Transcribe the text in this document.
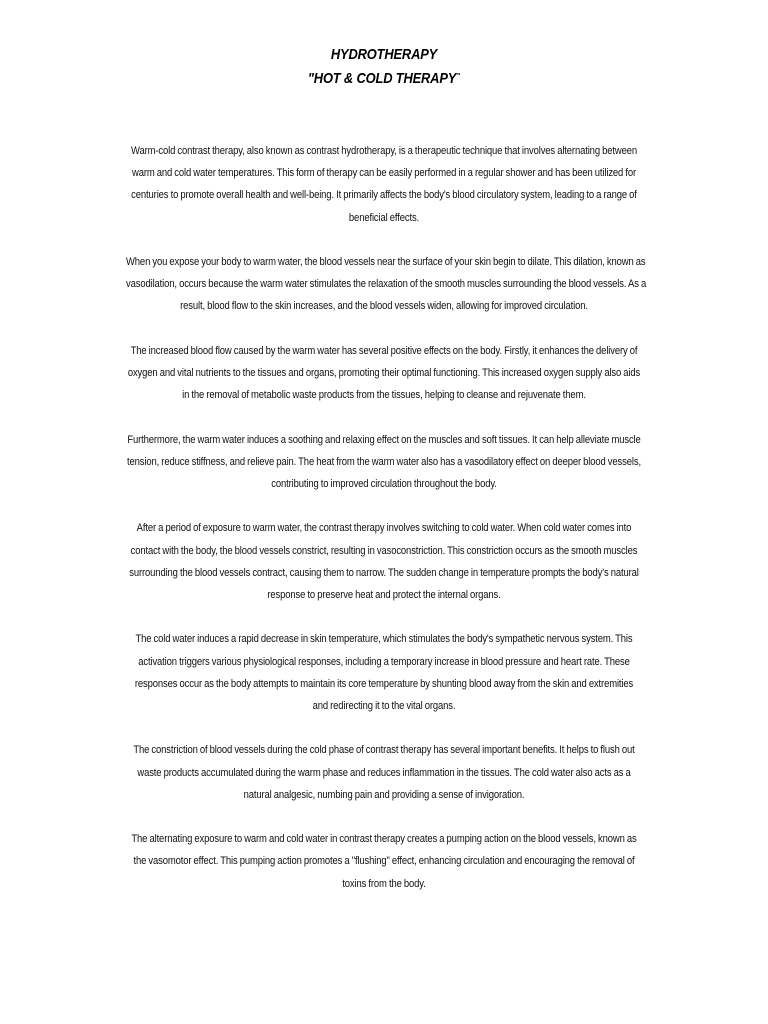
HYDROTHERAPY
"HOT & COLD THERAPY"

Warm-cold contrast therapy, also known as contrast hydrotherapy, is a therapeutic technique that involves alternating between
warm and cold water temperatures. This form of therapy can be easily performed in a regular shower and has been utilized for
centuries to promote overall health and well-being. It primarily affects the body's blood circulatory system, leading to a range of
beneficial effects.

When you expose your body to warm water, the blood vessels near the surface of your skin begin to dilate. This dilation, known as
vasodilation, occurs because the warm water stimulates the relaxation of the smooth muscles surrounding the blood vessels. As a
result, blood flow to the skin increases, and the blood vessels widen, allowing for improved circulation.

The increased blood flow caused by the warm water has several positive effects on the body. Firstly, it enhances the delivery of
oxygen and vital nutrients to the tissues and organs, promoting their optimal functioning. This increased oxygen supply also aids
in the removal of metabolic waste products from the tissues, helping to cleanse and rejuvenate them.

Furthermore, the warm water induces a soothing and relaxing effect on the muscles and soft tissues. It can help alleviate muscle
tension, reduce stiffness, and relieve pain. The heat from the warm water also has a vasodilatory effect on deeper blood vessels,
contributing to improved circulation throughout the body.

After a period of exposure to warm water, the contrast therapy involves switching to cold water. When cold water comes into
contact with the body, the blood vessels constrict, resulting in vasoconstriction. This constriction occurs as the smooth muscles
surrounding the blood vessels contract, causing them to narrow. The sudden change in temperature prompts the body's natural
response to preserve heat and protect the internal organs.

The cold water induces a rapid decrease in skin temperature, which stimulates the body's sympathetic nervous system. This
activation triggers various physiological responses, including a temporary increase in blood pressure and heart rate. These
responses occur as the body attempts to maintain its core temperature by shunting blood away from the skin and extremities
and redirecting it to the vital organs.

The constriction of blood vessels during the cold phase of contrast therapy has several important benefits. It helps to flush out
waste products accumulated during the warm phase and reduces inflammation in the tissues. The cold water also acts as a
natural analgesic, numbing pain and providing a sense of invigoration.

The alternating exposure to warm and cold water in contrast therapy creates a pumping action on the blood vessels, known as
the vasomotor effect. This pumping action promotes a "flushing" effect, enhancing circulation and encouraging the removal of
toxins from the body.
